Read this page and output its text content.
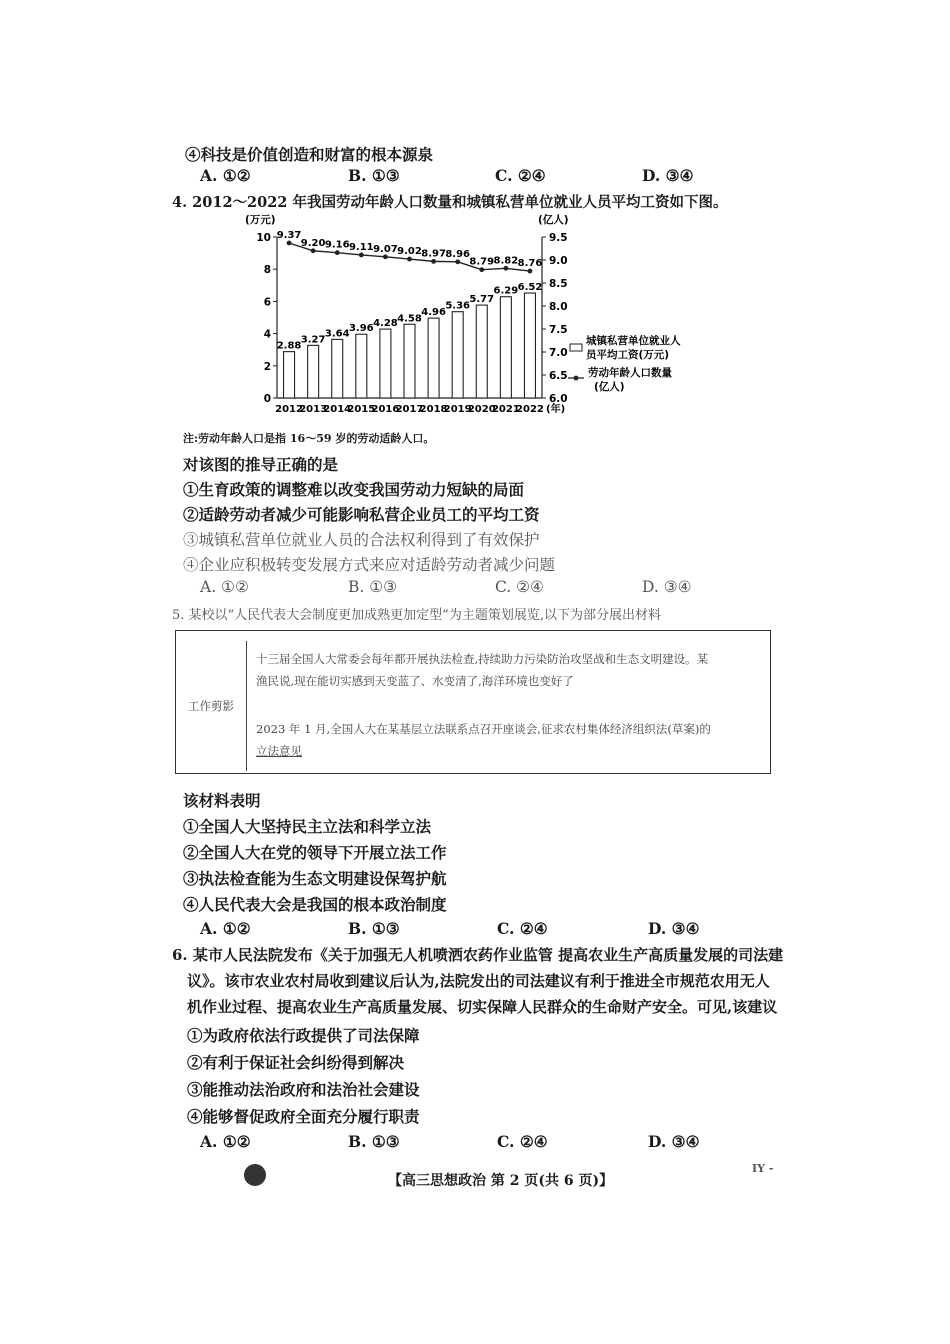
④科技是价值创造和财富的根本源泉
A. ①②	B. ①③	C. ②④	D. ③④
4. 2012～2022 年我国劳动年龄人口数量和城镇私营单位就业人员平均工资如下图。
0
2
4
6
8
10
(万元)
6.0
6.5
7.0
7.5
8.0
8.5
9.0
9.5
(亿人)
2.88
3.27
3.64 3.96 4.28 4.58
4.96
5.36
5.77
6.29 6.52
9.37
9.20 9.16 9.11 9.07 9.02 8.97 8.96
8.79 8.82 8.76
2012
2013
2014
2015
2016
2017
2018
2019
2020
2021
2022 (年)
城镇私营单位就业人
员平均工资(万元)
劳动年龄人口数量
(亿人)
注:劳动年龄人口是指 16～59 岁的劳动适龄人口。
对该图的推导正确的是
①生育政策的调整难以改变我国劳动力短缺的局面
②适龄劳动者减少可能影响私营企业员工的平均工资
③城镇私营单位就业人员的合法权利得到了有效保护
④企业应积极转变发展方式来应对适龄劳动者减少问题
A. ①②	B. ①③	C. ②④	D. ③④
5. 某校以“人民代表大会制度更加成熟更加定型”为主题策划展览,以下为部分展出材料
工作剪影
十三届全国人大常委会每年都开展执法检查,持续助力污染防治攻坚战和生态文明建设。某
渔民说,现在能切实感到天变蓝了、水变清了,海洋环境也变好了
2023 年 1 月,全国人大在某基层立法联系点召开座谈会,征求农村集体经济组织法(草案)的
立法意见
该材料表明
①全国人大坚持民主立法和科学立法
②全国人大在党的领导下开展立法工作
③执法检查能为生态文明建设保驾护航
④人民代表大会是我国的根本政治制度
A. ①②	B. ①③	C. ②④	D. ③④
6. 某市人民法院发布《关于加强无人机喷洒农药作业监管 提高农业生产高质量发展的司法建
议》。该市农业农村局收到建议后认为,法院发出的司法建议有利于推进全市规范农用无人
机作业过程、提高农业生产高质量发展、切实保障人民群众的生命财产安全。可见,该建议
①为政府依法行政提供了司法保障
②有利于保证社会纠纷得到解决
③能推动法治政府和法治社会建设
④能够督促政府全面充分履行职责
A. ①②	B. ①③	C. ②④	D. ③④
【高三思想政治 第 2 页(共 6 页)】
IY -
